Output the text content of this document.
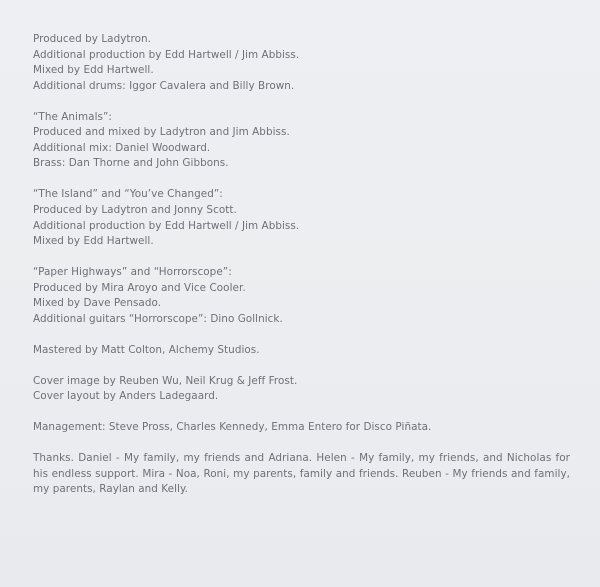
Produced by Ladytron.
Additional production by Edd Hartwell / Jim Abbiss.
Mixed by Edd Hartwell.
Additional drums: Iggor Cavalera and Billy Brown.
“The Animals”:
Produced and mixed by Ladytron and Jim Abbiss.
Additional mix: Daniel Woodward.
Brass: Dan Thorne and John Gibbons.
“The Island” and “You’ve Changed”:
Produced by Ladytron and Jonny Scott.
Additional production by Edd Hartwell / Jim Abbiss.
Mixed by Edd Hartwell.
“Paper Highways” and “Horrorscope”:
Produced by Mira Aroyo and Vice Cooler.
Mixed by Dave Pensado.
Additional guitars “Horrorscope”: Dino Gollnick.
Mastered by Matt Colton, Alchemy Studios.
Cover image by Reuben Wu, Neil Krug & Jeff Frost.
Cover layout by Anders Ladegaard.
Management: Steve Pross, Charles Kennedy, Emma Entero for Disco Piñata.
Thanks. Daniel - My family, my friends and Adriana. Helen - My family, my friends, and Nicholas for his endless support. Mira - Noa, Roni, my parents, family and friends. Reuben - My friends and family, my parents, Raylan and Kelly.
